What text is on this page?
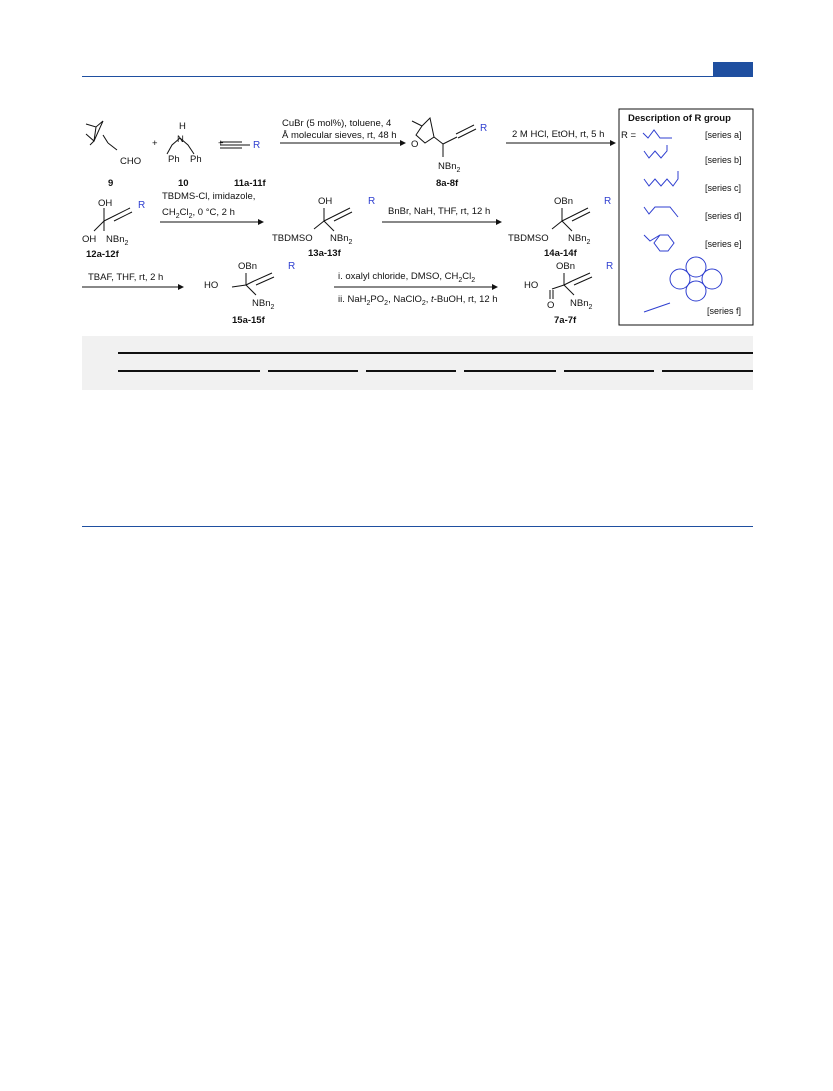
CHO
9
+
H
N
Ph Ph
10
+	R
11a-11f
CuBr (5 mol%), toluene, 4
Å molecular sieves, rt, 48 h
O
R
NBn$_2$
8a-8f
2 M HCl, EtOH, rt, 5 h
Description of R group
R =	[series a]
[series b]
[series c]
[series d]
[series e]
[series f]
OH	R
OH NBn$_2$
12a-12f
TBDMS-Cl, imidazole,
$CH_2Cl_2$, 0 °C, 2 h
OH	R
TBDMSO NBn$_2$
13a-13f
BnBr, NaH, THF, rt, 12 h
OBn	R
TBDMSO NBn$_2$
14a-14f
TBAF, THF, rt, 2 h
OBn	R
HO
NBn$_2$
15a-15f
i. oxalyl chloride, DMSO, $CH_2Cl_2$
ii. $NaH_2PO_2$, NaClO$_2$, t-BuOH, rt, 12 h
OBn	R
HO
O NBn$_2$
7a-7f
